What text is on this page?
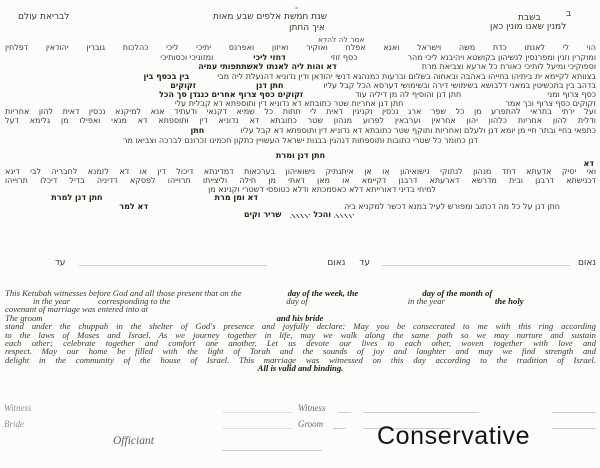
ב
בשבת
שנת חמשת אלפים שבע מאות
לבריאת עולם
למנין שאנו מונין כאן
איך החתן
אמר לה להדא
הוי לי לאנתו כדת משה וישראל ואנא אפלח ואוקיר ואיזון ואפרנס יתיכי ליכי כהלכות גוברין יהודאין דפלחין
ומוקרין וזנין ומפרנסין לנשיהון בקושטא ויהיבנא ליכי מהר
כסף זוזי
דחזי ליכי
ומזוניכי וכסותיכי
וספוקיכי ומיעל לותיכי כאורח כל ארעא וצביאת מרת
דא והות ליה לאנתו לאשתתפותי עמיה
בצוותא לקיימא ית ביתיהו בחייהו באהבה ובאחוה בשלום וברעות כמנהגא דנשי יהודאן ודין נדוניא דהנעלת ליה מבי
בין בכסף בין
בדהב בין בתכשיטין במאני דלבושא בשימושי דירה ובשימושי דערסא הכל קבל עליו
חתן דנן
זקוקים
כסף צרוף ומני
חתן דנן והוסיף לה מן דיליה עוד
זקוקים כסף צרוף אחרים כנגדן סך הכל
זקוקים כסף צרוף וכך אמר
חתן דנן אחריות שטר כתובתא דא נדוניא דין ותוספתא דא קבלית עלי
ועל ירתי בתראי להתפרע מן כל שפר ארג נכסין וקנינין דאית לי תחות כל שמיא דקנאי ודעתיד אנא למיקנא נכסין דאית להון אחריות
ודלית להון אחריות כלהון יהון אחראין וערבאין לפרוע מנהון שטר כתובתא דא נדוניא דין ותוספתא דא מנאי ואפילו מן גלימא דעל
כתפאי בחיי ובתר חיי מן יומא דנן ולעלם ואחריות ותוקף שטר כתובתא דא נדוניא דין ותוספתא דא קבל עליו
חתן
דנן כחומר כל שטרי כתובות ותוספתות דנהגין בבנות ישראל העשויין כתקון חכמינו זכרונם לברכה וצביאו מר
חתן דנן ומרת
דא
ואי יסיק אדעתא דחד מנהון לנתוקי נישואיהון או אן איתנתיק נישואיהון בערכאות דמדינתא דיכול דין או דא לזמנא לחבריה לבי דינא
דכנישתא דרבנן ובית מדרשא דארעתא דרבנן דקיימא או מאן דאתי מן חילה וליצייתו תרוייהו לפסקא דדיניה בדיל דיכלו תרוייהו
למיחי בדיני דאורייתא דלא כאסמכתא ודלא כטופסי דשטרי וקנינא מן
דא ומן מרת
חתן דנן למרת
חתן דנן על כל מה דכתוב ומפורש לעיל במנא דכשר למקניא ביה
דא למר
והכל
שריר וקים
נאום
עד
נאום
עד
This Ketubah witnesses before God and all those present that on the	day of the week, the	day of the month of
in the year	corresponding to the	day of	in the year	the holy
covenant of marriage was entered into at
The groom	and his bride
stand under the chuppah in the shelter of God's presence and joyfully declare: May you be consecrated to me with this ring according
to the laws of Moses and Israel. As we journey together in life, may we walk along the same path so we may nurture and sustain
each other; celebrate together and comfort one another. Let us devote our lives to each other, woven together with love and
respect. May our home be filled with the light of Torah and the sounds of joy and laughter and may we find strength and
delight in the community of the house of Israel. This marriage was witnessed on this day according to the tradition of Israel.
All is valid and binding.
Witness	Witness
Bride	Groom
Officiant	Conservative
